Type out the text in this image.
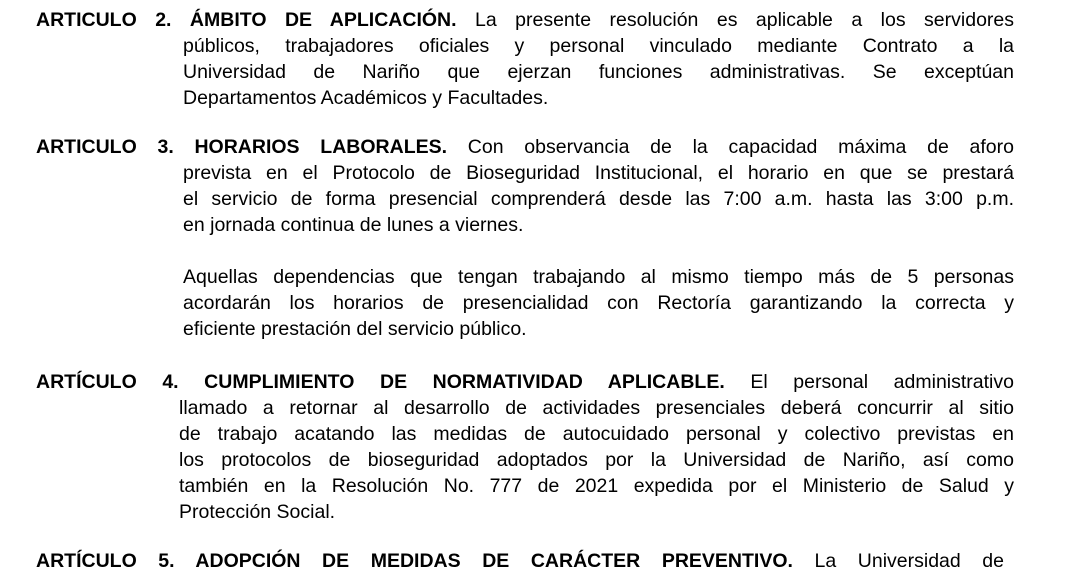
ARTICULO 2. ÁMBITO DE APLICACIÓN. La presente resolución es aplicable a los servidores
públicos, trabajadores oficiales y personal vinculado mediante Contrato a la
Universidad de Nariño que ejerzan funciones administrativas. Se exceptúan
Departamentos Académicos y Facultades.
ARTICULO 3. HORARIOS LABORALES. Con observancia de la capacidad máxima de aforo
prevista en el Protocolo de Bioseguridad Institucional, el horario en que se prestará
el servicio de forma presencial comprenderá desde las 7:00 a.m. hasta las 3:00 p.m.
en jornada continua de lunes a viernes.
Aquellas dependencias que tengan trabajando al mismo tiempo más de 5 personas
acordarán los horarios de presencialidad con Rectoría garantizando la correcta y
eficiente prestación del servicio público.
ARTÍCULO 4. CUMPLIMIENTO DE NORMATIVIDAD APLICABLE. El personal administrativo
llamado a retornar al desarrollo de actividades presenciales deberá concurrir al sitio
de trabajo acatando las medidas de autocuidado personal y colectivo previstas en
los protocolos de bioseguridad adoptados por la Universidad de Nariño, así como
también en la Resolución No. 777 de 2021 expedida por el Ministerio de Salud y
Protección Social.
ARTÍCULO 5. ADOPCIÓN DE MEDIDAS DE CARÁCTER PREVENTIVO. La Universidad de
